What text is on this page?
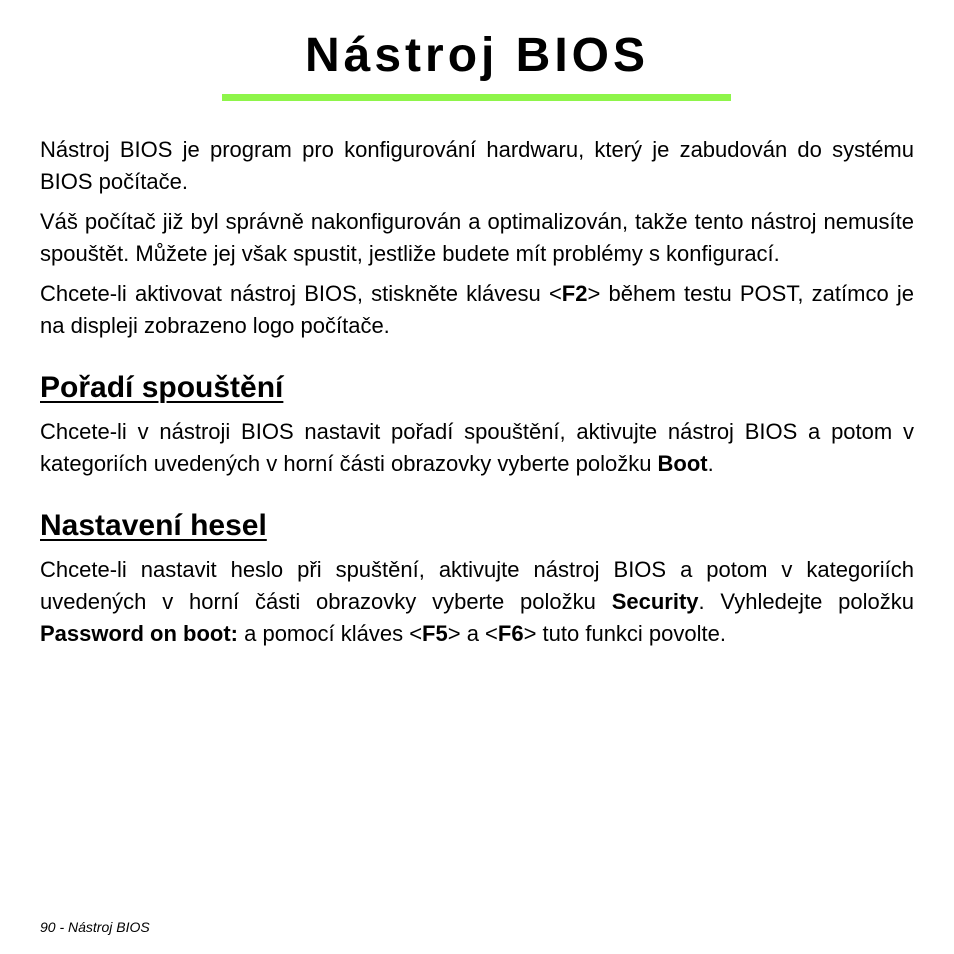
Nástroj BIOS

Nástroj BIOS je program pro konfigurování hardwaru, který je zabudován do systému BIOS počítače.

Váš počítač již byl správně nakonfigurován a optimalizován, takže tento nástroj nemusíte spouštět. Můžete jej však spustit, jestliže budete mít problémy s konfigurací.

Chcete-li aktivovat nástroj BIOS, stiskněte klávesu <F2> během testu POST, zatímco je na displeji zobrazeno logo počítače.

Pořadí spouštění

Chcete-li v nástroji BIOS nastavit pořadí spouštění, aktivujte nástroj BIOS a potom v kategoriích uvedených v horní části obrazovky vyberte položku Boot.

Nastavení hesel

Chcete-li nastavit heslo při spuštění, aktivujte nástroj BIOS a potom v kategoriích uvedených v horní části obrazovky vyberte položku Security. Vyhledejte položku Password on boot: a pomocí kláves <F5> a <F6> tuto funkci povolte.

90 - Nástroj BIOS
